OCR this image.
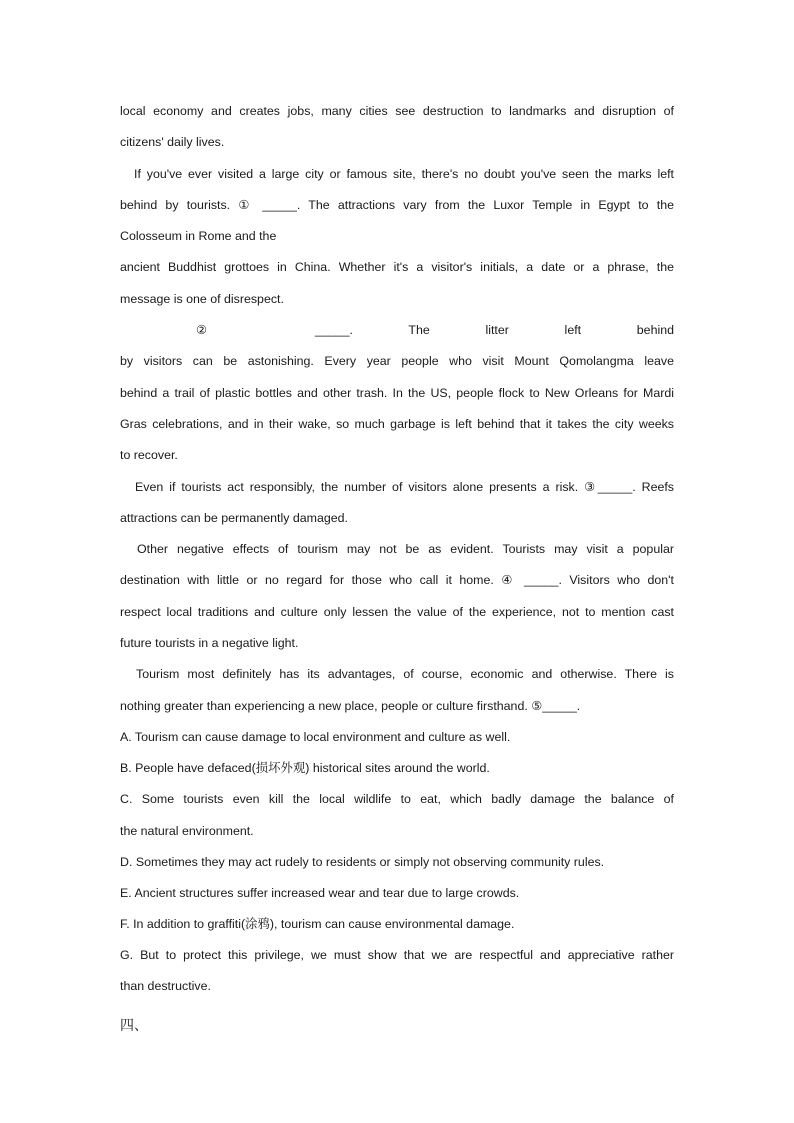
local economy and creates jobs, many cities see destruction to landmarks and disruption of
citizens' daily lives.
If you've ever visited a large city or famous site, there's no doubt you've seen the marks left
behind by tourists. ① _____. The attractions vary from the Luxor Temple in Egypt to the
Colosseum in Rome and the
ancient Buddhist grottoes in China. Whether it's a visitor's initials, a date or a phrase, the
message is one of disrespect.
② _____. The litter left behind
by visitors can be astonishing. Every year people who visit Mount Qomolangma leave
behind a trail of plastic bottles and other trash. In the US, people flock to New Orleans for Mardi
Gras celebrations, and in their wake, so much garbage is left behind that it takes the city weeks
to recover.
Even if tourists act responsibly, the number of visitors alone presents a risk. ③_____. Reefs
attractions can be permanently damaged.
Other negative effects of tourism may not be as evident. Tourists may visit a popular
destination with little or no regard for those who call it home. ④ _____. Visitors who don't
respect local traditions and culture only lessen the value of the experience, not to mention cast
future tourists in a negative light.
Tourism most definitely has its advantages, of course, economic and otherwise. There is
nothing greater than experiencing a new place, people or culture firsthand. ⑤_____.
A. Tourism can cause damage to local environment and culture as well.
B. People have defaced(损坏外观) historical sites around the world.
C. Some tourists even kill the local wildlife to eat, which badly damage the balance of
the natural environment.
D. Sometimes they may act rudely to residents or simply not observing community rules.
E. Ancient structures suffer increased wear and tear due to large crowds.
F. In addition to graffiti(涂鸦), tourism can cause environmental damage.
G. But to protect this privilege, we must show that we are respectful and appreciative rather
than destructive.
四、
